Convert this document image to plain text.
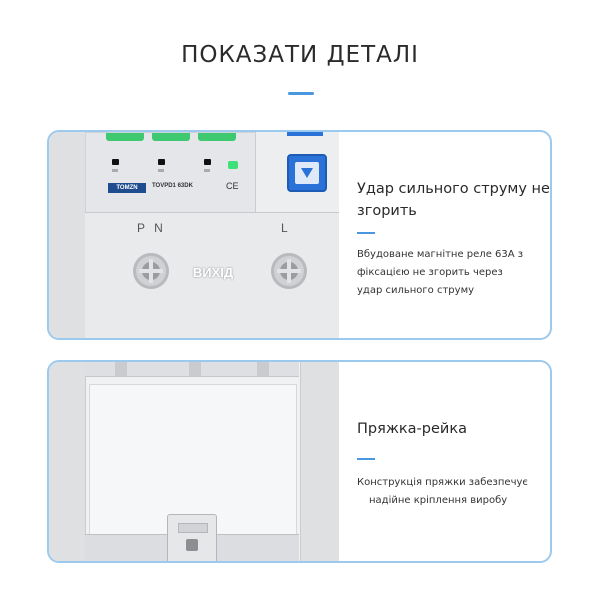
ПОКАЗАТИ ДЕТАЛІ
TOMZN	TOVPD1 63DK	CE
P N	L
ВИХІД
Удар сильного струму не
згорить
Вбудоване магнітне реле 63А з
фіксацією не згорить через
удар сильного струму
Пряжка-рейка
Конструкція пряжки забезпечує
надійне кріплення виробу
